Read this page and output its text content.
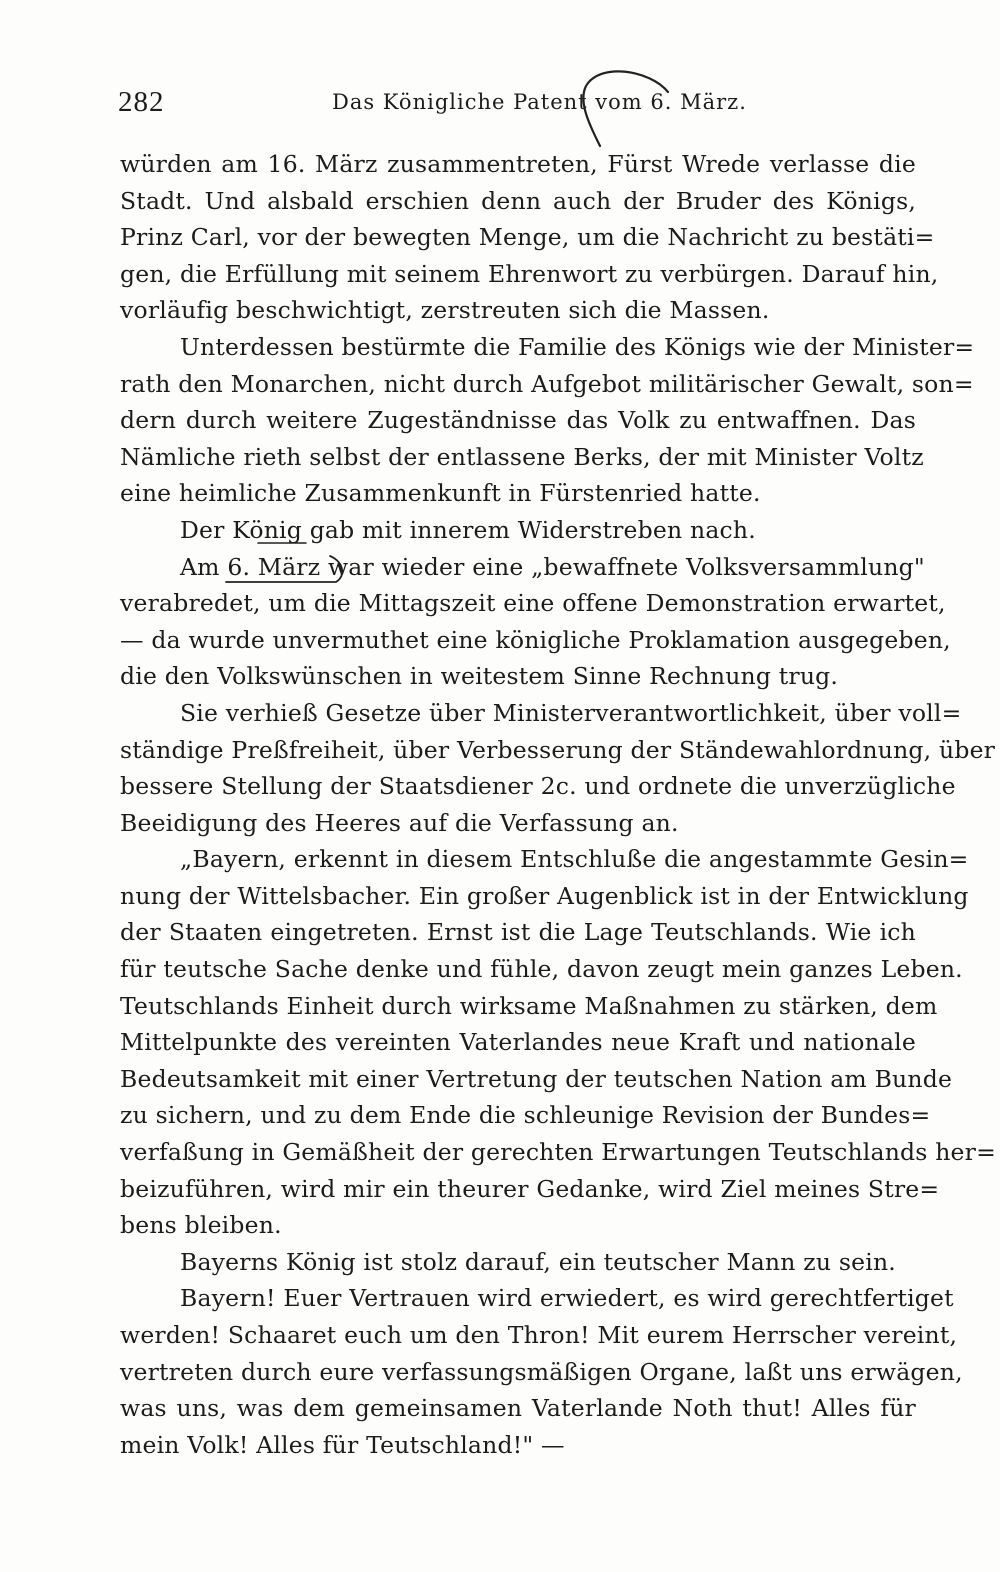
282	Das Königliche Patent vom 6. März.
würden am 16. März zusammentreten, Fürst Wrede verlasse die
Stadt. Und alsbald erschien denn auch der Bruder des Königs,
Prinz Carl, vor der bewegten Menge, um die Nachricht zu bestäti=
gen, die Erfüllung mit seinem Ehrenwort zu verbürgen. Darauf hin,
vorläufig beschwichtigt, zerstreuten sich die Massen.
Unterdessen bestürmte die Familie des Königs wie der Minister=
rath den Monarchen, nicht durch Aufgebot militärischer Gewalt, son=
dern durch weitere Zugeständnisse das Volk zu entwaffnen. Das
Nämliche rieth selbst der entlassene Berks, der mit Minister Voltz
eine heimliche Zusammenkunft in Fürstenried hatte.
Der König gab mit innerem Widerstreben nach.
Am 6. März war wieder eine „bewaffnete Volksversammlung"
verabredet, um die Mittagszeit eine offene Demonstration erwartet,
— da wurde unvermuthet eine königliche Proklamation ausgegeben,
die den Volkswünschen in weitestem Sinne Rechnung trug.
Sie verhieß Gesetze über Ministerverantwortlichkeit, über voll=
ständige Preßfreiheit, über Verbesserung der Ständewahlordnung, über
bessere Stellung der Staatsdiener 2c. und ordnete die unverzügliche
Beeidigung des Heeres auf die Verfassung an.
„Bayern, erkennt in diesem Entschluße die angestammte Gesin=
nung der Wittelsbacher. Ein großer Augenblick ist in der Entwicklung
der Staaten eingetreten. Ernst ist die Lage Teutschlands. Wie ich
für teutsche Sache denke und fühle, davon zeugt mein ganzes Leben.
Teutschlands Einheit durch wirksame Maßnahmen zu stärken, dem
Mittelpunkte des vereinten Vaterlandes neue Kraft und nationale
Bedeutsamkeit mit einer Vertretung der teutschen Nation am Bunde
zu sichern, und zu dem Ende die schleunige Revision der Bundes=
verfaßung in Gemäßheit der gerechten Erwartungen Teutschlands her=
beizuführen, wird mir ein theurer Gedanke, wird Ziel meines Stre=
bens bleiben.
Bayerns König ist stolz darauf, ein teutscher Mann zu sein.
Bayern! Euer Vertrauen wird erwiedert, es wird gerechtfertiget
werden! Schaaret euch um den Thron! Mit eurem Herrscher vereint,
vertreten durch eure verfassungsmäßigen Organe, laßt uns erwägen,
was uns, was dem gemeinsamen Vaterlande Noth thut! Alles für
mein Volk! Alles für Teutschland!" —
